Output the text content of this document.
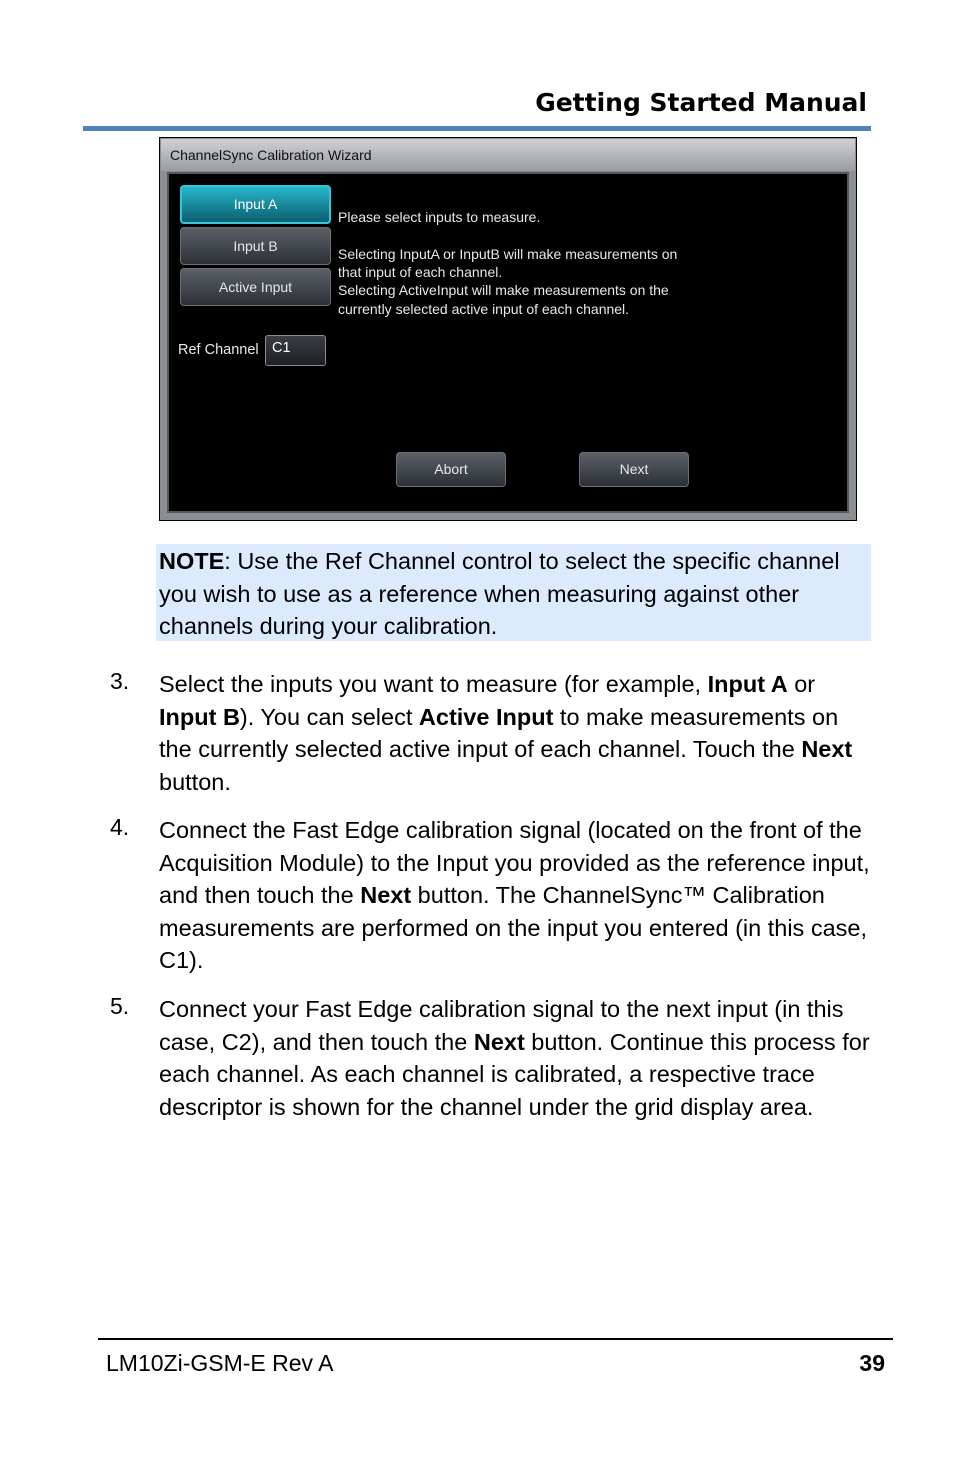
Getting Started Manual
ChannelSync Calibration Wizard
Input A
Input B
Active Input
Ref Channel C1
Please select inputs to measure.
Selecting InputA or InputB will make measurements on
that input of each channel.
Selecting ActiveInput will make measurements on the
currently selected active input of each channel.
Abort	Next
NOTE: Use the Ref Channel control to select the specific channel you wish to use as a reference when measuring against other channels during your calibration.
3. Select the inputs you want to measure (for example, Input A or Input B). You can select Active Input to make measurements on the currently selected active input of each channel. Touch the Next button.
4. Connect the Fast Edge calibration signal (located on the front of the Acquisition Module) to the Input you provided as the reference input, and then touch the Next button. The ChannelSync™ Calibration measurements are performed on the input you entered (in this case, C1).
5. Connect your Fast Edge calibration signal to the next input (in this case, C2), and then touch the Next button. Continue this process for each channel. As each channel is calibrated, a respective trace descriptor is shown for the channel under the grid display area.
LM10Zi-GSM-E Rev A	39
